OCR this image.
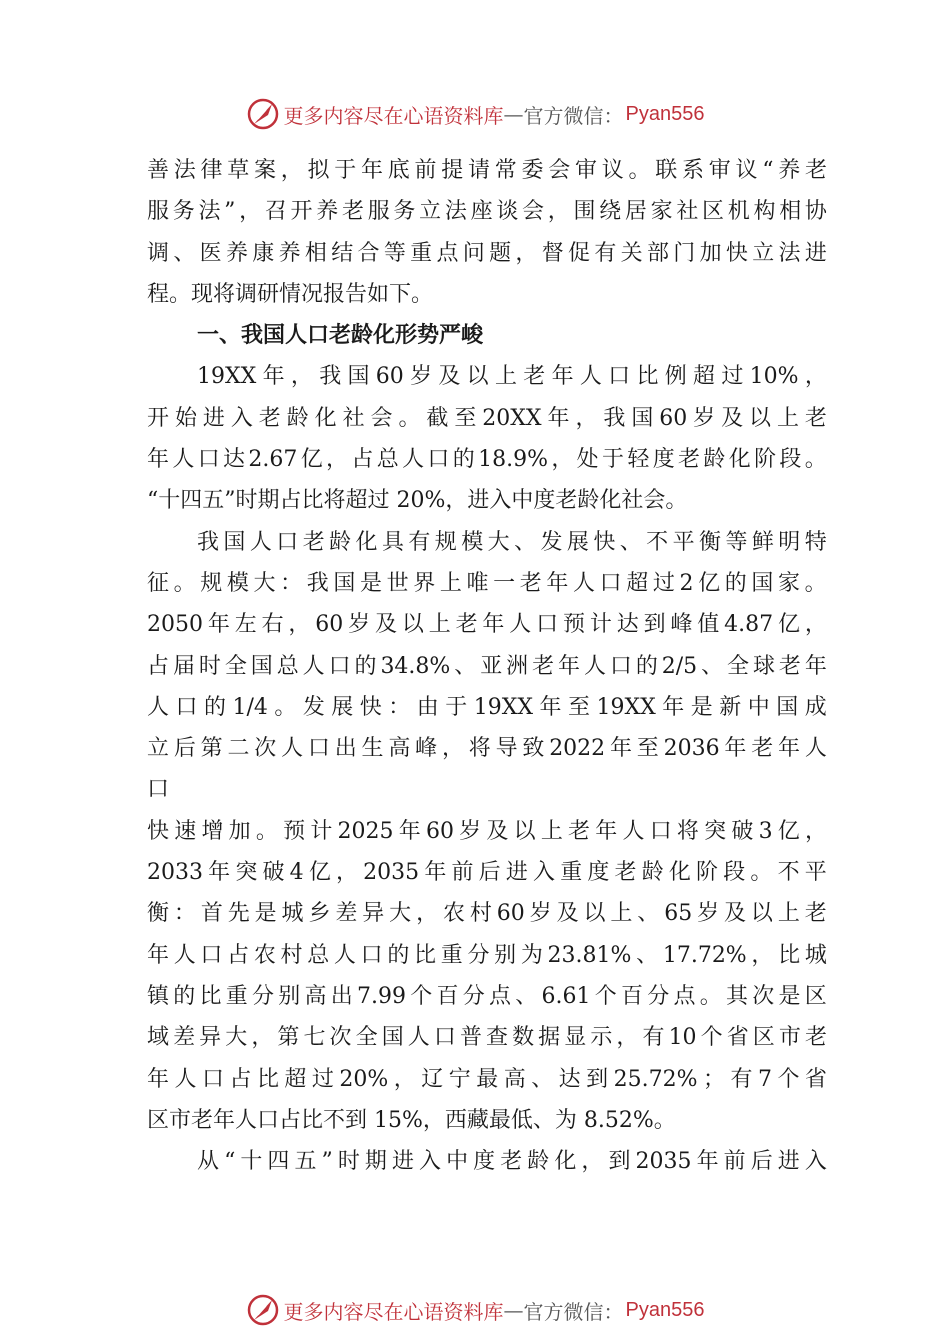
更多内容尽在心语资料库 — 官方微信： Pyan556
善 法 律 草 案 ， 拟 于 年 底 前 提 请 常 委 会 审 议 。 联 系 审 议 “ 养 老
服 务 法 ” ， 召 开 养 老 服 务 立 法 座 谈 会 ， 围 绕 居 家 社 区 机 构 相 协
调 、 医 养 康 养 相 结 合 等 重 点 问 题 ， 督 促 有 关 部 门 加 快 立 法 进
程。现将调研情况报告如下。
一、我国人口老龄化形势严峻
19XX 年 ， 我 国 60 岁 及 以 上 老 年 人 口 比 例 超 过 10% ，
开 始 进 入 老 龄 化 社 会 。 截 至 20XX 年 ， 我 国 60 岁 及 以 上 老
年 人 口 达 2.67 亿 ， 占 总 人 口 的 18.9% ， 处 于 轻 度 老 龄 化 阶 段 。
“十四五”时期占比将超过 20%，进入中度老龄化社会。
我 国 人 口 老 龄 化 具 有 规 模 大 、 发 展 快 、 不 平 衡 等 鲜 明 特
征 。 规 模 大 ： 我 国 是 世 界 上 唯 一 老 年 人 口 超 过 2 亿 的 国 家 。
2050 年 左 右 ， 60 岁 及 以 上 老 年 人 口 预 计 达 到 峰 值 4.87 亿 ，
占 届 时 全 国 总 人 口 的 34.8% 、 亚 洲 老 年 人 口 的 2/5 、 全 球 老 年
人 口 的 1/4 。 发 展 快 ： 由 于 19XX 年 至 19XX 年 是 新 中 国 成
立 后 第 二 次 人 口 出 生 高 峰 ， 将 导 致 2022 年 至 2036 年 老 年 人
口
快 速 增 加 。 预 计 2025 年 60 岁 及 以 上 老 年 人 口 将 突 破 3 亿 ，
2033 年 突 破 4 亿 ， 2035 年 前 后 进 入 重 度 老 龄 化 阶 段 。 不 平
衡 ： 首 先 是 城 乡 差 异 大 ， 农 村 60 岁 及 以 上 、 65 岁 及 以 上 老
年 人 口 占 农 村 总 人 口 的 比 重 分 别 为 23.81% 、 17.72% ， 比 城
镇 的 比 重 分 别 高 出 7.99 个 百 分 点 、 6.61 个 百 分 点 。 其 次 是 区
域 差 异 大 ， 第 七 次 全 国 人 口 普 查 数 据 显 示 ， 有 10 个 省 区 市 老
年 人 口 占 比 超 过 20% ， 辽 宁 最 高 、 达 到 25.72% ； 有 7 个 省
区市老年人口占比不到 15%，西藏最低、为 8.52%。
从 “ 十 四 五 ” 时 期 进 入 中 度 老 龄 化 ， 到 2035 年 前 后 进 入
更多内容尽在心语资料库 — 官方微信： Pyan556
